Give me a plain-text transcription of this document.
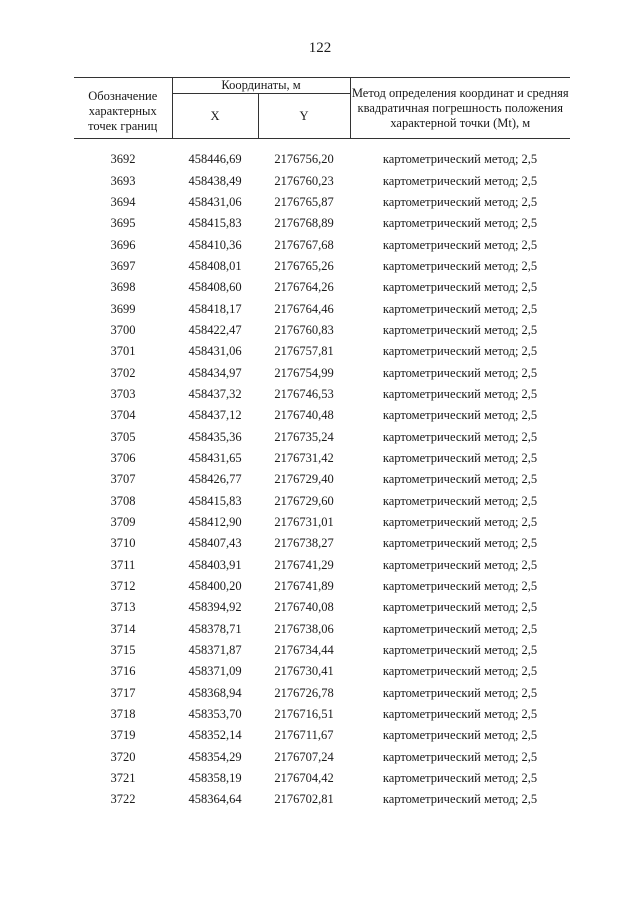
122
Обозначение характерных точек границ	Координаты, м		Метод определения координат и средняя квадратичная погрешность положения характерной точки (Mt), м
	X	Y	

3692	458446,69	2176756,20	картометрический метод; 2,5
3693	458438,49	2176760,23	картометрический метод; 2,5
3694	458431,06	2176765,87	картометрический метод; 2,5
3695	458415,83	2176768,89	картометрический метод; 2,5
3696	458410,36	2176767,68	картометрический метод; 2,5
3697	458408,01	2176765,26	картометрический метод; 2,5
3698	458408,60	2176764,26	картометрический метод; 2,5
3699	458418,17	2176764,46	картометрический метод; 2,5
3700	458422,47	2176760,83	картометрический метод; 2,5
3701	458431,06	2176757,81	картометрический метод; 2,5
3702	458434,97	2176754,99	картометрический метод; 2,5
3703	458437,32	2176746,53	картометрический метод; 2,5
3704	458437,12	2176740,48	картометрический метод; 2,5
3705	458435,36	2176735,24	картометрический метод; 2,5
3706	458431,65	2176731,42	картометрический метод; 2,5
3707	458426,77	2176729,40	картометрический метод; 2,5
3708	458415,83	2176729,60	картометрический метод; 2,5
3709	458412,90	2176731,01	картометрический метод; 2,5
3710	458407,43	2176738,27	картометрический метод; 2,5
3711	458403,91	2176741,29	картометрический метод; 2,5
3712	458400,20	2176741,89	картометрический метод; 2,5
3713	458394,92	2176740,08	картометрический метод; 2,5
3714	458378,71	2176738,06	картометрический метод; 2,5
3715	458371,87	2176734,44	картометрический метод; 2,5
3716	458371,09	2176730,41	картометрический метод; 2,5
3717	458368,94	2176726,78	картометрический метод; 2,5
3718	458353,70	2176716,51	картометрический метод; 2,5
3719	458352,14	2176711,67	картометрический метод; 2,5
3720	458354,29	2176707,24	картометрический метод; 2,5
3721	458358,19	2176704,42	картометрический метод; 2,5
3722	458364,64	2176702,81	картометрический метод; 2,5
